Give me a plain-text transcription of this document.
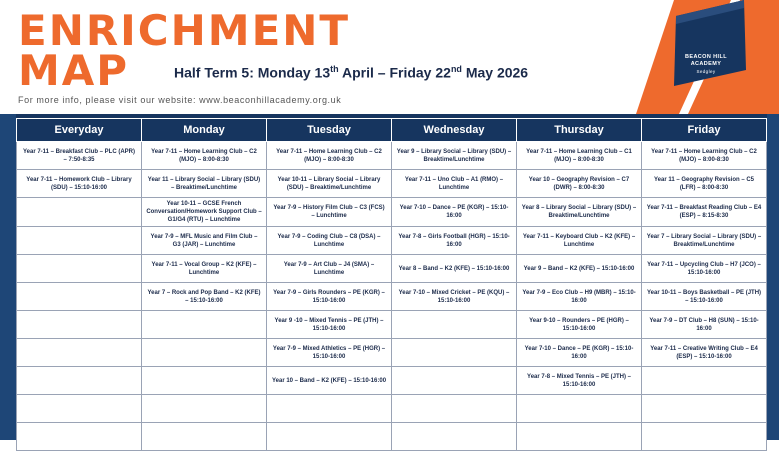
ENRICHMENT
MAP	Half Term 5: Monday 13th April – Friday 22nd May 2026
For more info, please visit our website: www.beaconhillacademy.org.uk
BEACON HILL
ACADEMY
Sedgley
Everyday	Monday	Tuesday	Wednesday	Thursday	Friday
Year 7-11 – Breakfast Club – PLC (APR) – 7:50-8:35	Year 7-11 – Home Learning Club – C2 (MJO) – 8:00-8:30	Year 7-11 – Home Learning Club – C2 (MJO) – 8:00-8:30	Year 9 – Library Social – Library (SDU) – Breaktime/Lunchtime	Year 7-11 – Home Learning Club – C1 (MJO) – 8:00-8:30	Year 7-11 – Home Learning Club – C2 (MJO) – 8:00-8:30
Year 7-11 – Homework Club – Library (SDU) – 15:10-16:00	Year 11 – Library Social – Library (SDU) – Breaktime/Lunchtime	Year 10-11 – Library Social – Library (SDU) – Breaktime/Lunchtime	Year 7-11 – Uno Club – A1 (RMO) – Lunchtime	Year 10 – Geography Revision – C7 (DWR) – 8:00-8:30	Year 11 – Geography Revision – C5 (LFR) – 8:00-8:30
	Year 10-11 – GCSE French Conversation/Homework Support Club – G1/G4 (RTU) – Lunchtime	Year 7-9 – History Film Club – C3 (FCS) – Lunchtime	Year 7-10 – Dance – PE (KGR) – 15:10-16:00	Year 8 – Library Social – Library (SDU) – Breaktime/Lunchtime	Year 7-11 – Breakfast Reading Club – E4 (ESP) – 8:15-8:30
	Year 7-9 – MFL Music and Film Club – G3 (JAR) – Lunchtime	Year 7-9 – Coding Club – C8 (DSA) – Lunchtime	Year 7-8 – Girls Football (HGR) – 15:10-16:00	Year 7-11 – Keyboard Club – K2 (KFE) – Lunchtime	Year 7 – Library Social – Library (SDU) – Breaktime/Lunchtime
	Year 7-11 – Vocal Group – K2 (KFE) – Lunchtime	Year 7-9 – Art Club – J4 (SMA) – Lunchtime	Year 8 – Band – K2 (KFE) – 15:10-16:00	Year 9 – Band – K2 (KFE) – 15:10-16:00	Year 7-11 – Upcycling Club – H7 (JCO) – 15:10-16:00
	Year 7 – Rock and Pop Band – K2 (KFE) – 15:10-16:00	Year 7-9 – Girls Rounders – PE (KGR) – 15:10-16:00	Year 7-10 – Mixed Cricket – PE (KQU) – 15:10-16:00	Year 7-9 – Eco Club – H9 (MBR) – 15:10-16:00	Year 10-11 – Boys Basketball – PE (JTH) – 15:10-16:00
		Year 9 -10 – Mixed Tennis – PE (JTH) – 15:10-16:00		Year 9-10 – Rounders – PE (HGR) – 15:10-16:00	Year 7-9 – DT Club – H8 (SUN) – 15:10-16:00
		Year 7-9 – Mixed Athletics – PE (HGR) – 15:10-16:00		Year 7-10 – Dance – PE (KGR) – 15:10-16:00	Year 7-11 – Creative Writing Club – E4 (ESP) – 15:10-16:00
		Year 10 – Band – K2 (KFE) – 15:10-16:00		Year 7-8 – Mixed Tennis – PE (JTH) – 15:10-16:00	
